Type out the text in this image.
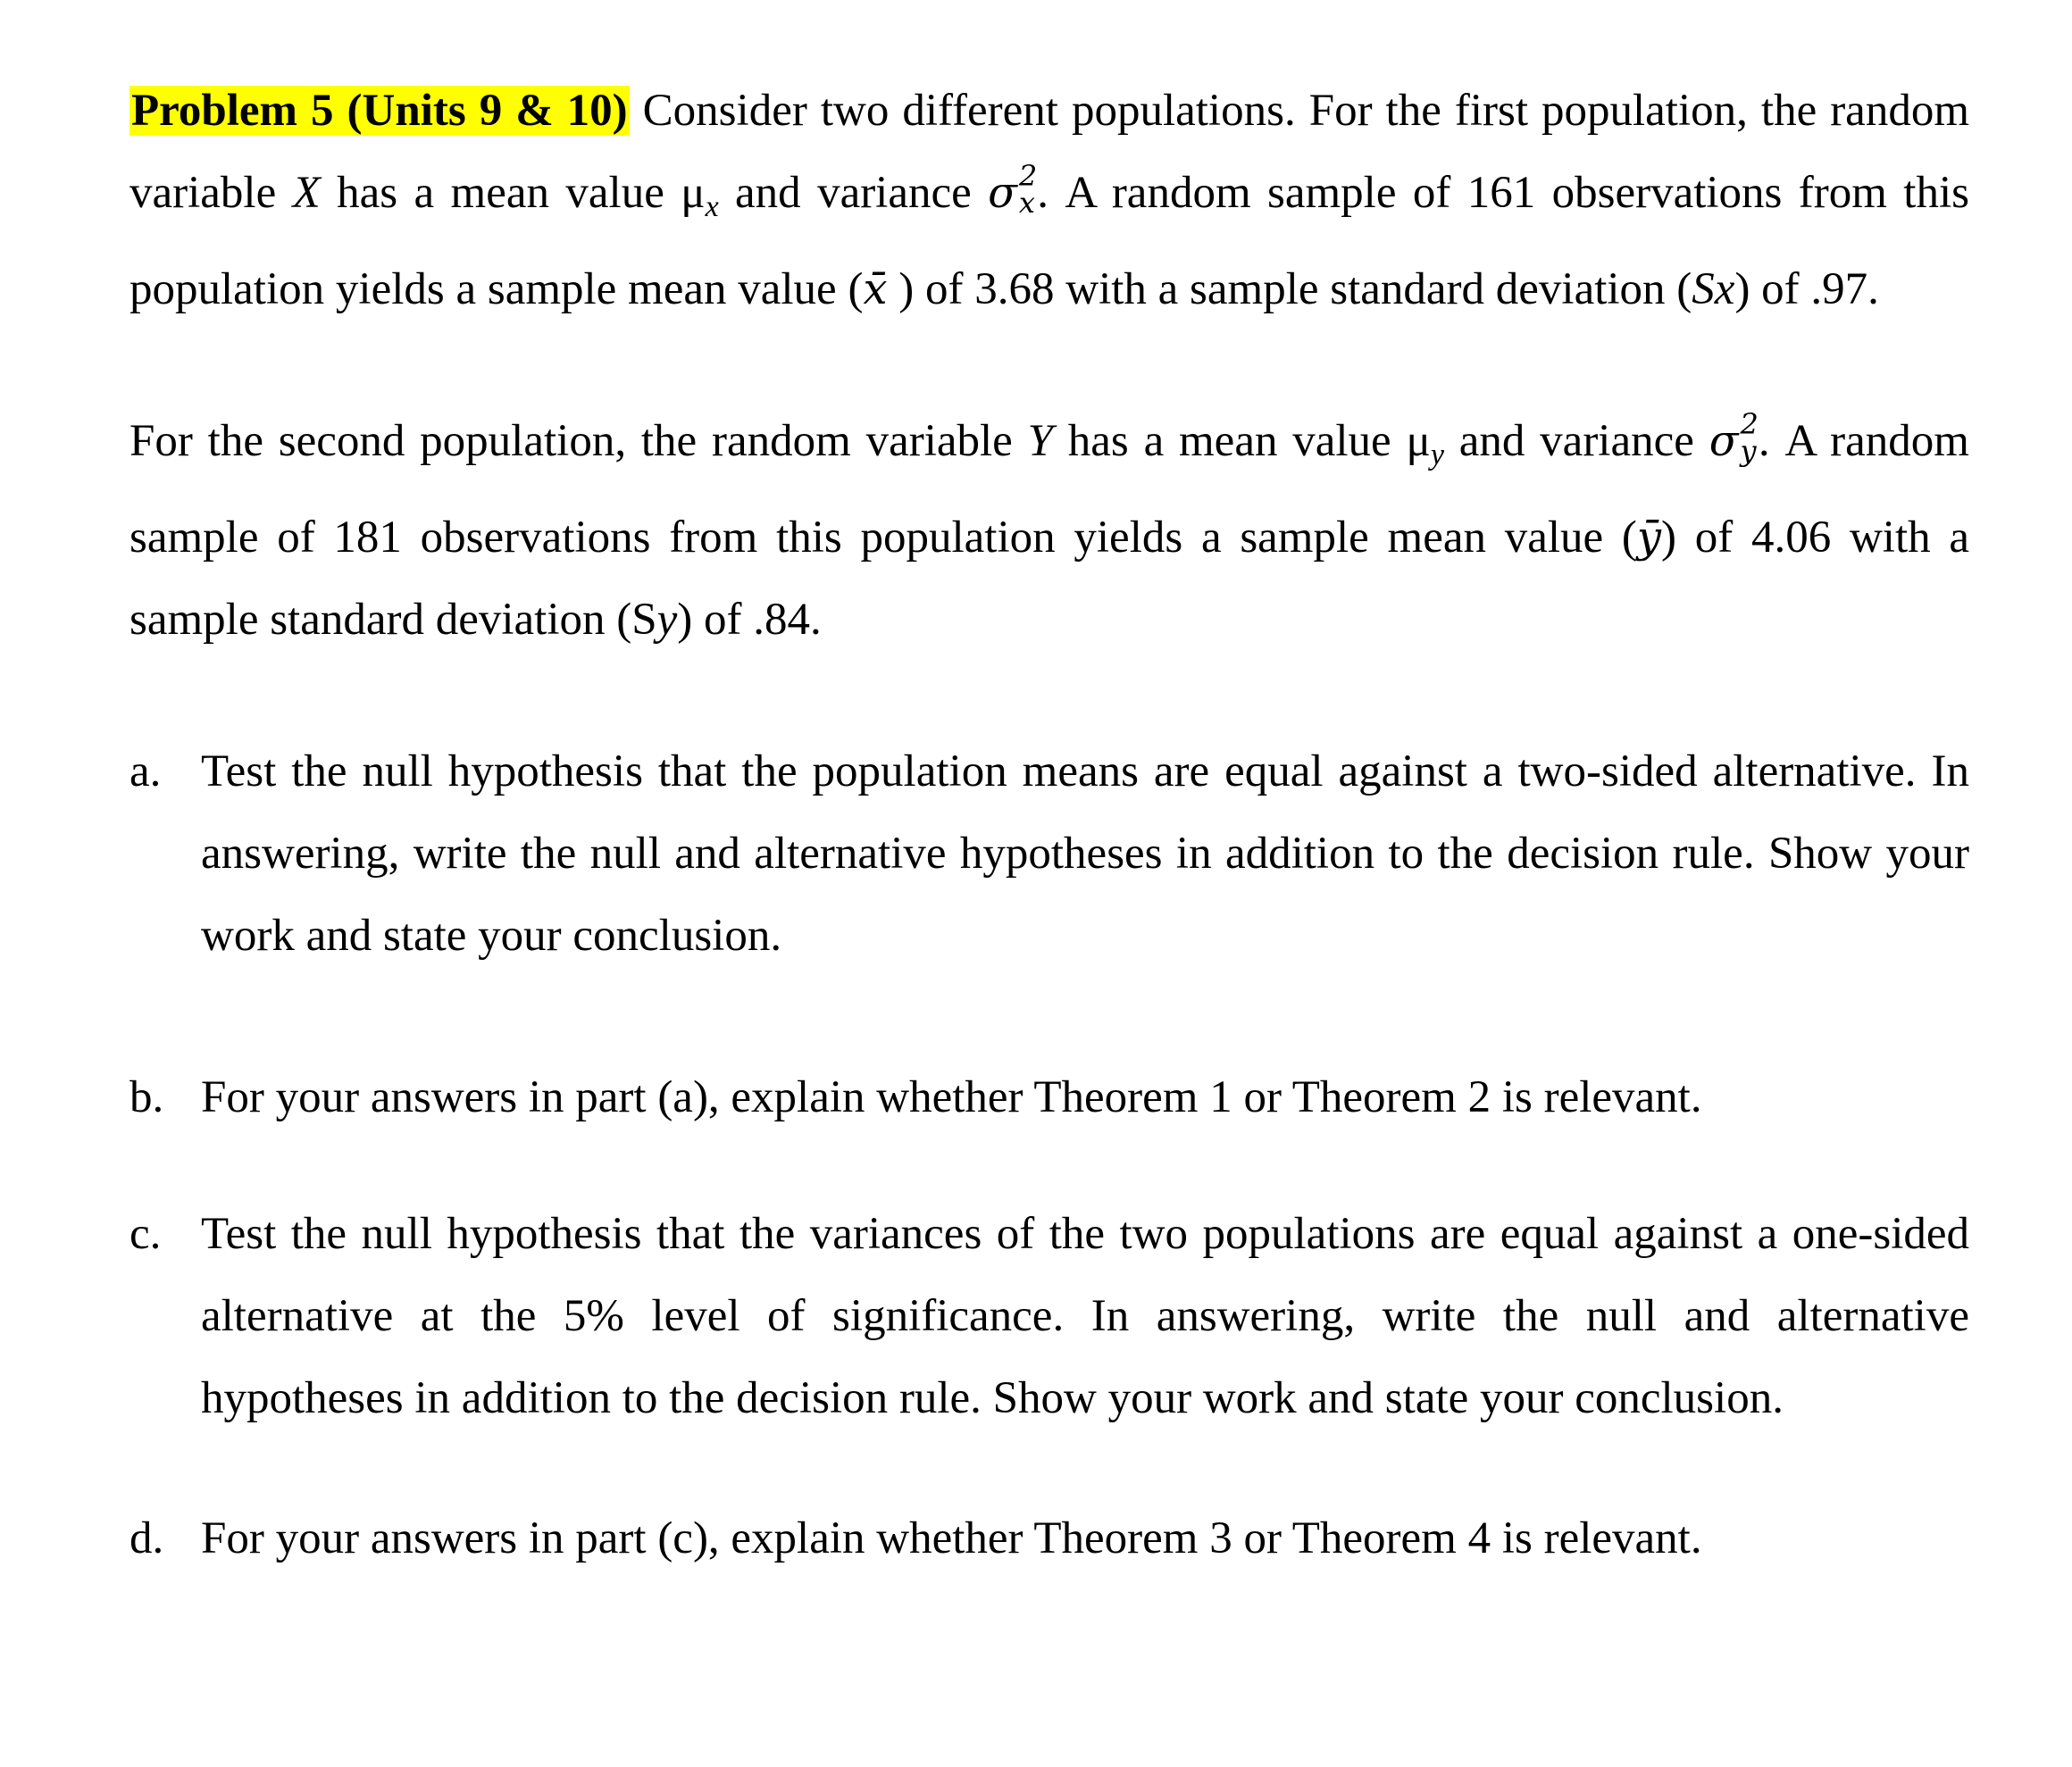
Problem 5 (Units 9 & 10) Consider two different populations. For the first population, the random variable X has a mean value μx and variance σ 2
x . A random sample of 161 observations from this population yields a sample mean value (x̄ ) of 3.68 with a sample standard deviation (Sx) of .97.

For the second population, the random variable Y has a mean value μy and variance σ 2
y . A random sample of 181 observations from this population yields a sample mean value (ȳ) of 4.06 with a sample standard deviation (Sy) of .84.

a. Test the null hypothesis that the population means are equal against a two-sided alternative. In answering, write the null and alternative hypotheses in addition to the decision rule. Show your work and state your conclusion.
b. For your answers in part (a), explain whether Theorem 1 or Theorem 2 is relevant.
c. Test the null hypothesis that the variances of the two populations are equal against a one-sided alternative at the 5% level of significance. In answering, write the null and alternative hypotheses in addition to the decision rule. Show your work and state your conclusion.
d. For your answers in part (c), explain whether Theorem 3 or Theorem 4 is relevant.
